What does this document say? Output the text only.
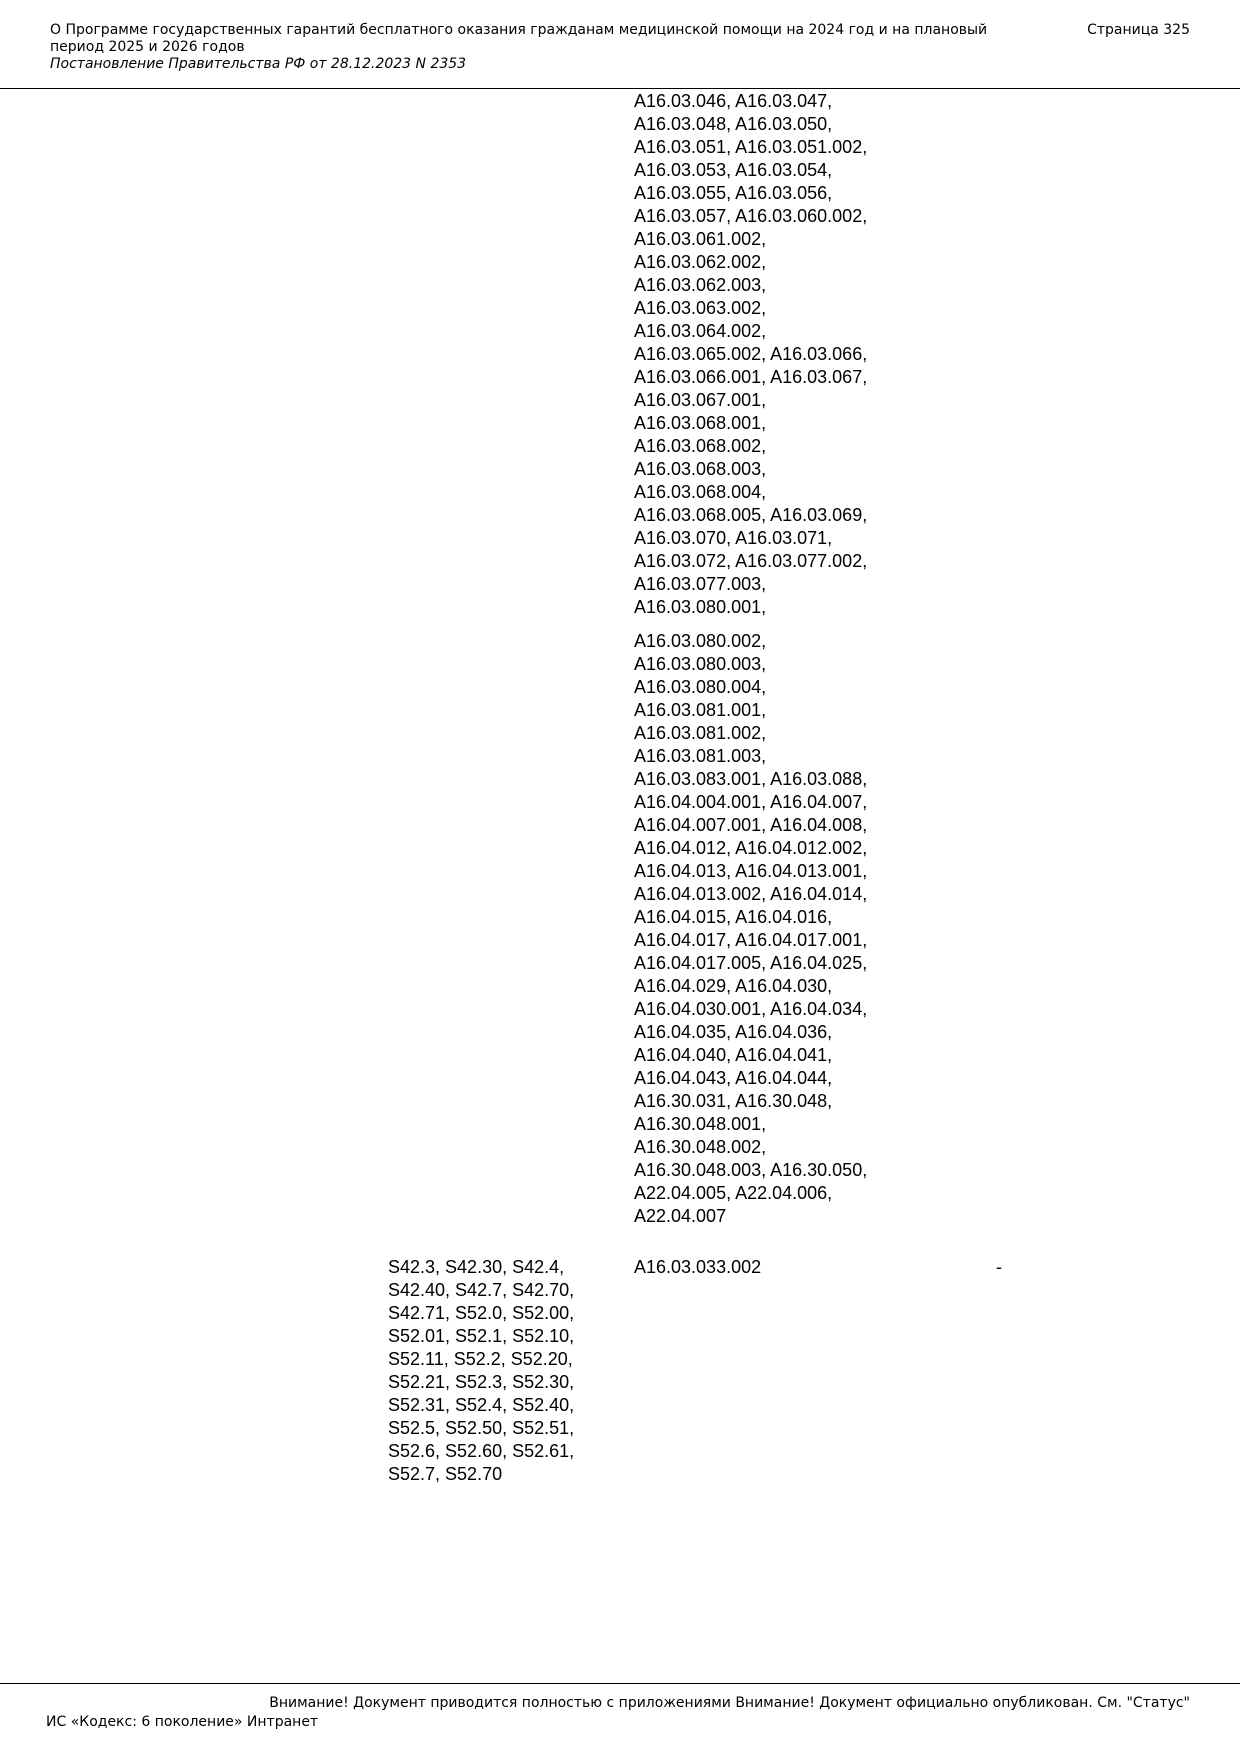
О Программе государственных гарантий бесплатного оказания гражданам медицинской помощи на 2024 год и на плановый период 2025 и 2026 годов
Постановление Правительства РФ от 28.12.2023 N 2353
Страница 325
A16.03.046, A16.03.047,
A16.03.048, A16.03.050,
A16.03.051, A16.03.051.002,
A16.03.053, A16.03.054,
A16.03.055, A16.03.056,
A16.03.057, A16.03.060.002,
A16.03.061.002,
A16.03.062.002,
A16.03.062.003,
A16.03.063.002,
A16.03.064.002,
A16.03.065.002, A16.03.066,
A16.03.066.001, A16.03.067,
A16.03.067.001,
A16.03.068.001,
A16.03.068.002,
A16.03.068.003,
A16.03.068.004,
A16.03.068.005, A16.03.069,
A16.03.070, A16.03.071,
A16.03.072, A16.03.077.002,
A16.03.077.003,
A16.03.080.001,
A16.03.080.002,
A16.03.080.003,
A16.03.080.004,
A16.03.081.001,
A16.03.081.002,
A16.03.081.003,
A16.03.083.001, A16.03.088,
A16.04.004.001, A16.04.007,
A16.04.007.001, A16.04.008,
A16.04.012, A16.04.012.002,
A16.04.013, A16.04.013.001,
A16.04.013.002, A16.04.014,
A16.04.015, A16.04.016,
A16.04.017, A16.04.017.001,
A16.04.017.005, A16.04.025,
A16.04.029, A16.04.030,
A16.04.030.001, A16.04.034,
A16.04.035, A16.04.036,
A16.04.040, A16.04.041,
A16.04.043, A16.04.044,
A16.30.031, A16.30.048,
A16.30.048.001,
A16.30.048.002,
A16.30.048.003, A16.30.050,
A22.04.005, A22.04.006,
A22.04.007
S42.3, S42.30, S42.4,
S42.40, S42.7, S42.70,
S42.71, S52.0, S52.00,
S52.01, S52.1, S52.10,
S52.11, S52.2, S52.20,
S52.21, S52.3, S52.30,
S52.31, S52.4, S52.40,
S52.5, S52.50, S52.51,
S52.6, S52.60, S52.61,
S52.7, S52.70
A16.03.033.002	-
Внимание! Документ приводится полностью с приложениями Внимание! Документ официально опубликован. См. "Статус"
ИС «Кодекс: 6 поколение» Интранет
